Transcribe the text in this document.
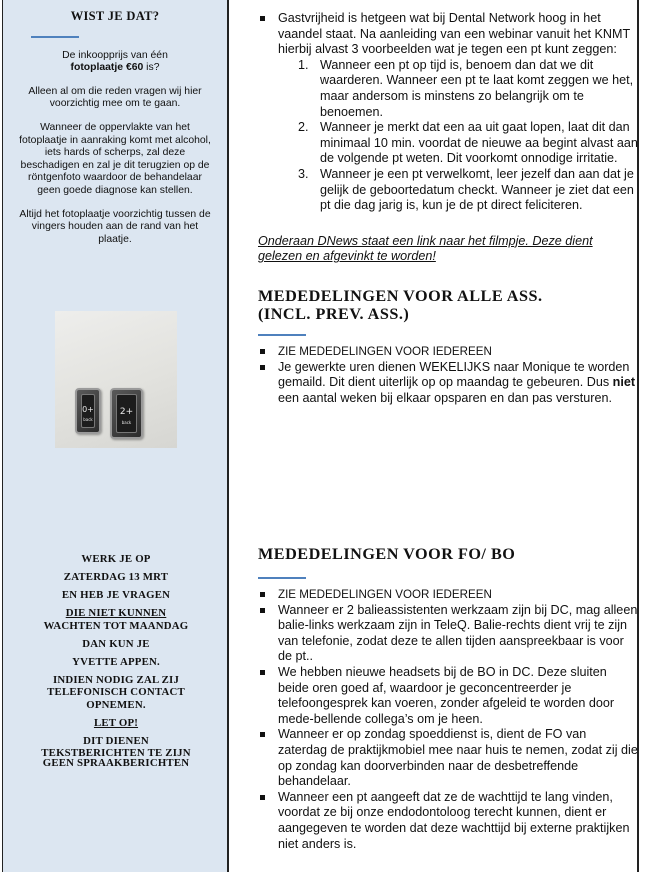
WIST JE DAT?

De inkoopprijs van één
fotoplaatje €60 is?

Alleen al om die reden vragen wij hier voorzichtig mee om te gaan.

Wanneer de oppervlakte van het fotoplaatje in aanraking komt met alcohol, iets hards of scherps, zal deze beschadigen en zal je dit terugzien op de röntgenfoto waardoor de behandelaar geen goede diagnose kan stellen.

Altijd het fotoplaatje voorzichtig tussen de vingers houden aan de rand van het plaatje.

0+
back
2+
back
WERK JE OP
ZATERDAG 13 MRT
EN HEB JE VRAGEN
DIE NIET KUNNEN
WACHTEN TOT MAANDAG
DAN KUN JE
YVETTE APPEN.
INDIEN NODIG ZAL ZIJ
TELEFONISCH CONTACT
OPNEMEN.
LET OP!
DIT DIENEN
TEKSTBERICHTEN TE ZIJN
GEEN SPRAAKBERICHTEN
Gastvrijheid is hetgeen wat bij Dental Network hoog in het vaandel staat. Na aanleiding van een webinar vanuit het KNMT hierbij alvast 3 voorbeelden wat je tegen een pt kunt zeggen:
1. Wanneer een pt op tijd is, benoem dan dat we dit waarderen. Wanneer een pt te laat komt zeggen we het, maar andersom is minstens zo belangrijk om te benoemen.
2. Wanneer je merkt dat een aa uit gaat lopen, laat dit dan minimaal 10 min. voordat de nieuwe aa begint alvast aan de volgende pt weten. Dit voorkomt onnodige irritatie.
3. Wanneer je een pt verwelkomt, leer jezelf dan aan dat je gelijk de geboortedatum checkt. Wanneer je ziet dat een pt die dag jarig is, kun je de pt direct feliciteren.

Onderaan DNews staat een link naar het filmpje. Deze dient gelezen en afgevinkt te worden!

MEDEDELINGEN VOOR ALLE ASS.
(INCL. PREV. ASS.)
ZIE MEDEDELINGEN VOOR IEDEREEN
Je gewerkte uren dienen WEKELIJKS naar Monique te worden gemaild. Dit dient uiterlijk op op maandag te gebeuren. Dus niet een aantal weken bij elkaar opsparen en dan pas versturen.
MEDEDELINGEN VOOR FO/ BO
ZIE MEDEDELINGEN VOOR IEDEREEN
Wanneer er 2 balieassistenten werkzaam zijn bij DC, mag alleen balie-links werkzaam zijn in TeleQ. Balie-rechts dient vrij te zijn van telefonie, zodat deze te allen tijden aanspreekbaar is voor de pt..
We hebben nieuwe headsets bij de BO in DC. Deze sluiten beide oren goed af, waardoor je geconcentreerder je telefoongesprek kan voeren, zonder afgeleid te worden door mede-bellende collega’s om je heen.
Wanneer er op zondag spoeddienst is, dient de FO van zaterdag de praktijkmobiel mee naar huis te nemen, zodat zij die op zondag kan doorverbinden naar de desbetreffende behandelaar.
Wanneer een pt aangeeft dat ze de wachttijd te lang vinden, voordat ze bij onze endodontoloog terecht kunnen, dient er aangegeven te worden dat deze wachttijd bij externe praktijken niet anders is.
